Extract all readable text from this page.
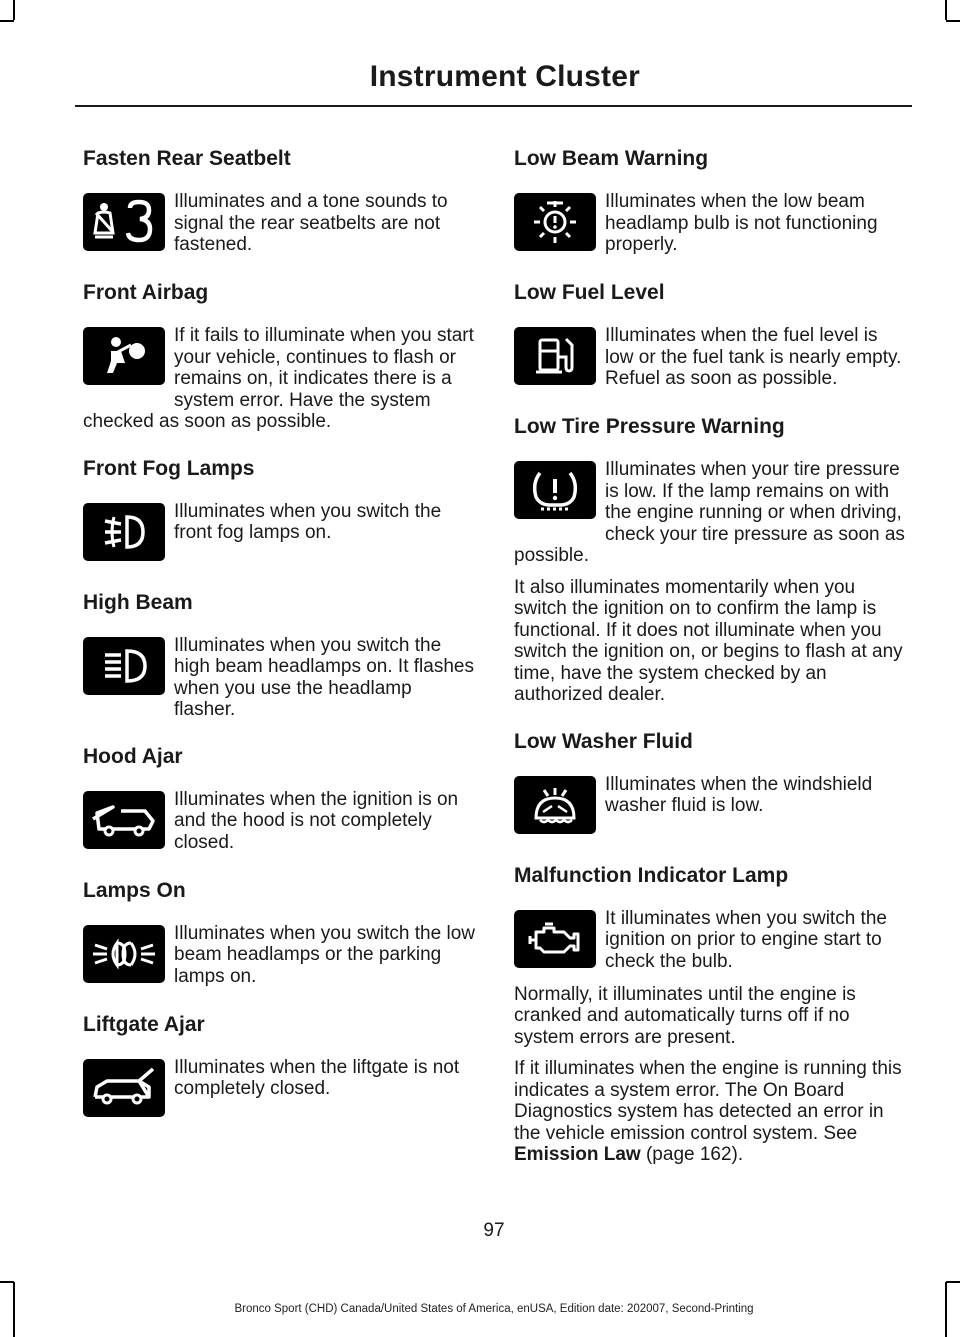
Instrument Cluster
Fasten Rear Seatbelt

Illuminates and a tone sounds to signal the rear seatbelts are not fastened.

Front Airbag

If it fails to illuminate when you start your vehicle, continues to flash or remains on, it indicates there is a system error. Have the system checked as soon as possible.

Front Fog Lamps

Illuminates when you switch the front fog lamps on.

High Beam

Illuminates when you switch the high beam headlamps on. It flashes when you use the headlamp flasher.

Hood Ajar

Illuminates when the ignition is on and the hood is not completely closed.

Lamps On

Illuminates when you switch the low beam headlamps or the parking lamps on.

Liftgate Ajar

Illuminates when the liftgate is not completely closed.

Low Beam Warning

Illuminates when the low beam headlamp bulb is not functioning properly.

Low Fuel Level

Illuminates when the fuel level is low or the fuel tank is nearly empty. Refuel as soon as possible.

Low Tire Pressure Warning

Illuminates when your tire pressure is low. If the lamp remains on with the engine running or when driving, check your tire pressure as soon as possible.

It also illuminates momentarily when you switch the ignition on to confirm the lamp is functional. If it does not illuminate when you switch the ignition on, or begins to flash at any time, have the system checked by an authorized dealer.

Low Washer Fluid

Illuminates when the windshield washer fluid is low.

Malfunction Indicator Lamp

It illuminates when you switch the ignition on prior to engine start to check the bulb.

Normally, it illuminates until the engine is cranked and automatically turns off if no system errors are present.

If it illuminates when the engine is running this indicates a system error. The On Board Diagnostics system has detected an error in the vehicle emission control system. See Emission Law (page 162).

97
Bronco Sport (CHD) Canada/United States of America, enUSA, Edition date: 202007, Second-Printing
